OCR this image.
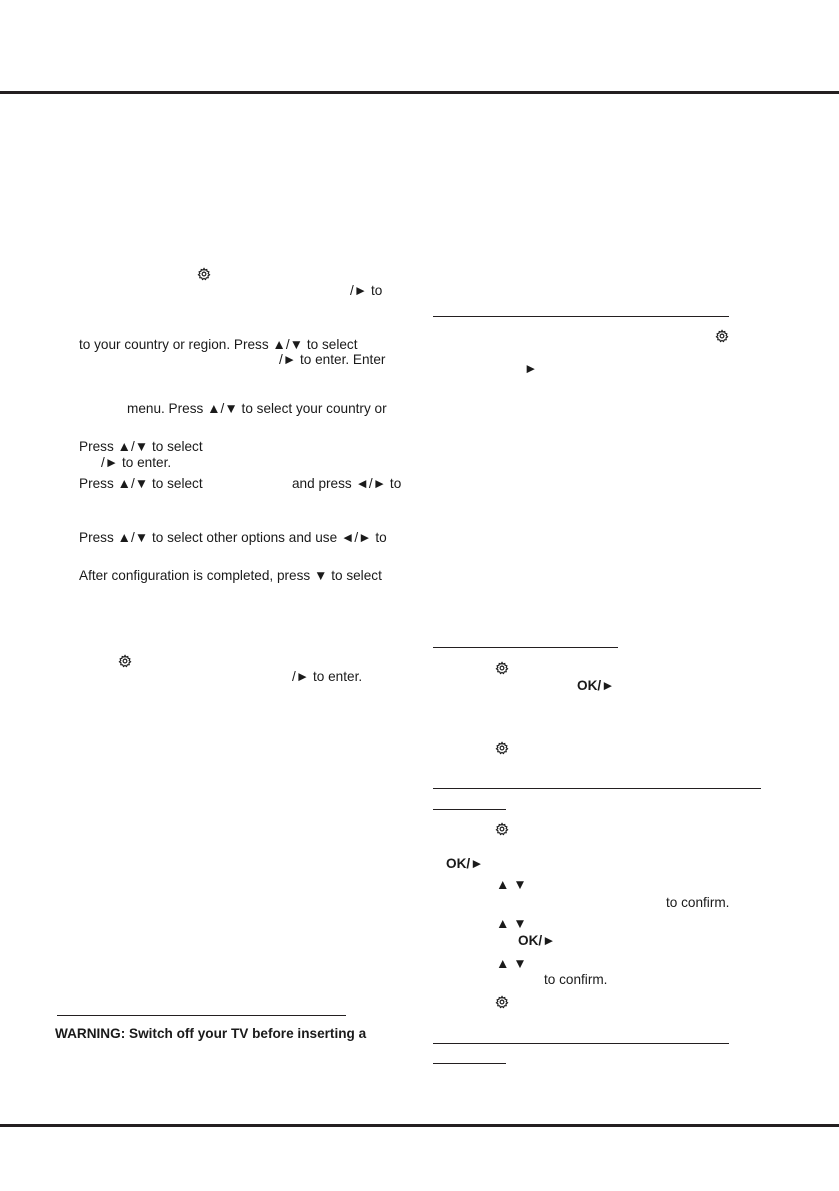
/► to
to your country or region. Press ▲/▼ to select
/► to enter. Enter
menu. Press ▲/▼ to select your country or
Press ▲/▼ to select
/► to enter.
Press ▲/▼ to select	and press ◄/► to
Press ▲/▼ to select other options and use ◄/► to
After configuration is completed, press ▼ to select
/► to enter.
WARNING: Switch off your TV before inserting a
►
OK/►
OK/►
▲ ▼
to confirm.
▲ ▼
OK/►
▲ ▼
to confirm.
